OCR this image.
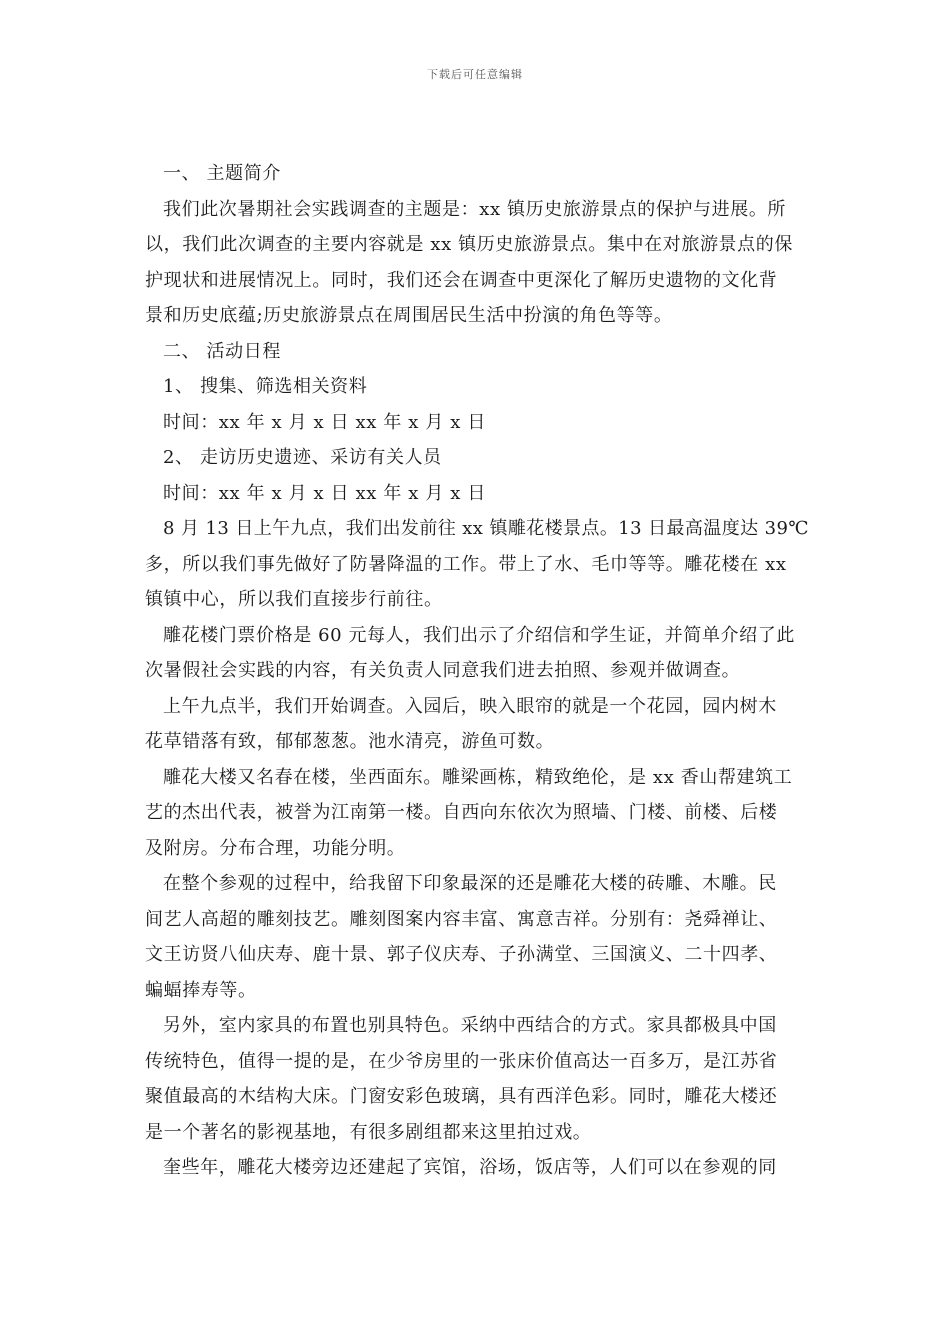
下载后可任意编辑
一、 主题简介
我们此次暑期社会实践调查的主题是：xx 镇历史旅游景点的保护与进展。所
以，我们此次调查的主要内容就是 xx 镇历史旅游景点。集中在对旅游景点的保
护现状和进展情况上。同时，我们还会在调查中更深化了解历史遗物的文化背
景和历史底蕴;历史旅游景点在周围居民生活中扮演的角色等等。
二、 活动日程
1、 搜集、筛选相关资料
时间：xx 年 x 月 x 日 xx 年 x 月 x 日
2、 走访历史遗迹、采访有关人员
时间：xx 年 x 月 x 日 xx 年 x 月 x 日
8 月 13 日上午九点，我们出发前往 xx 镇雕花楼景点。13 日最高温度达 39℃
多，所以我们事先做好了防暑降温的工作。带上了水、毛巾等等。雕花楼在 xx
镇镇中心，所以我们直接步行前往。
雕花楼门票价格是 60 元每人，我们出示了介绍信和学生证，并简单介绍了此
次暑假社会实践的内容，有关负责人同意我们进去拍照、参观并做调查。
上午九点半，我们开始调查。入园后，映入眼帘的就是一个花园，园内树木
花草错落有致，郁郁葱葱。池水清亮，游鱼可数。
雕花大楼又名春在楼，坐西面东。雕梁画栋，精致绝伦，是 xx 香山帮建筑工
艺的杰出代表，被誉为江南第一楼。自西向东依次为照墙、门楼、前楼、后楼
及附房。分布合理，功能分明。
在整个参观的过程中，给我留下印象最深的还是雕花大楼的砖雕、木雕。民
间艺人高超的雕刻技艺。雕刻图案内容丰富、寓意吉祥。分别有：尧舜禅让、
文王访贤八仙庆寿、鹿十景、郭子仪庆寿、子孙满堂、三国演义、二十四孝、
蝙蝠捧寿等。
另外，室内家具的布置也别具特色。采纳中西结合的方式。家具都极具中国
传统特色，值得一提的是，在少爷房里的一张床价值高达一百多万，是江苏省
聚值最高的木结构大床。门窗安彩色玻璃，具有西洋色彩。同时，雕花大楼还
是一个著名的影视基地，有很多剧组都来这里拍过戏。
奎些年，雕花大楼旁边还建起了宾馆，浴场，饭店等，人们可以在参观的同
